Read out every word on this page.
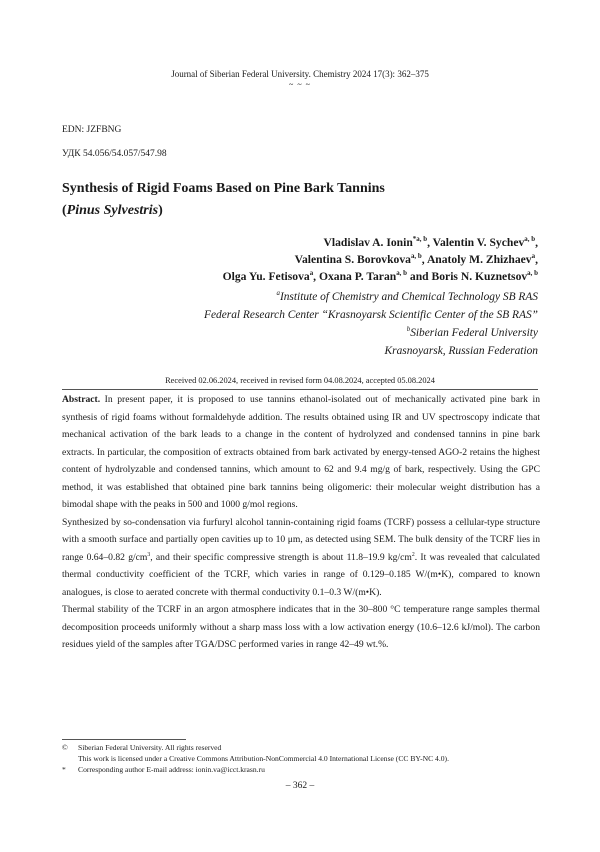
Journal of Siberian Federal University. Chemistry 2024 17(3): 362–375
~ ~ ~
EDN: JZFBNG
УДК 54.056/54.057/547.98
Synthesis of Rigid Foams Based on Pine Bark Tannins
(Pinus Sylvestris)
Vladislav A. Ionin$^{*a, b}$, Valentin V. Sychev$^{a, b}$,
Valentina S. Borovkova$^{a, b}$, Anatoly M. Zhizhaev$^a$,
Olga Yu. Fetisova$^a$, Oxana P. Taran$^{a, b}$ and Boris N. Kuznetsov$^{a, b}$
$^a$Institute of Chemistry and Chemical Technology SB RAS
Federal Research Center “Krasnoyarsk Scientific Center of the SB RAS”
$^b$Siberian Federal University
Krasnoyarsk, Russian Federation
Received 02.06.2024, received in revised form 04.08.2024, accepted 05.08.2024

Abstract. In present paper, it is proposed to use tannins ethanol-isolated out of mechanically activated pine bark in synthesis of rigid foams without formaldehyde addition. The results obtained using IR and UV spectroscopy indicate that mechanical activation of the bark leads to a change in the content of hydrolyzed and condensed tannins in pine bark extracts. In particular, the composition of extracts obtained from bark activated by energy-tensed AGO-2 retains the highest content of hydrolyzable and condensed tannins, which amount to 62 and 9.4 mg/g of bark, respectively. Using the GPC method, it was established that obtained pine bark tannins being oligomeric: their molecular weight distribution has a bimodal shape with the peaks in 500 and 1000 g/mol regions.

Synthesized by so-condensation via furfuryl alcohol tannin-containing rigid foams (TCRF) possess a cellular-type structure with a smooth surface and partially open cavities up to 10 μm, as detected using SEM. The bulk density of the TCRF lies in range 0.64–0.82 $g/cm^3$, and their specific compressive strength is about 11.8–19.9 $kg/cm^2$. It was revealed that calculated thermal conductivity coefficient of the TCRF, which varies in range of 0.129–0.185 W/(m•K), compared to known analogues, is close to aerated concrete with thermal conductivity 0.1–0.3 W/(m•K).

Thermal stability of the TCRF in an argon atmosphere indicates that in the 30–800 °C temperature range samples thermal decomposition proceeds uniformly without a sharp mass loss with a low activation energy (10.6–12.6 kJ/mol). The carbon residues yield of the samples after TGA/DSC performed varies in range 42–49 wt.%.

© Siberian Federal University. All rights reserved
This work is licensed under a Creative Commons Attribution-NonCommercial 4.0 International License (CC BY-NC 4.0).
* Corresponding author E-mail address: ionin.va@icct.krasn.ru
– 362 –
